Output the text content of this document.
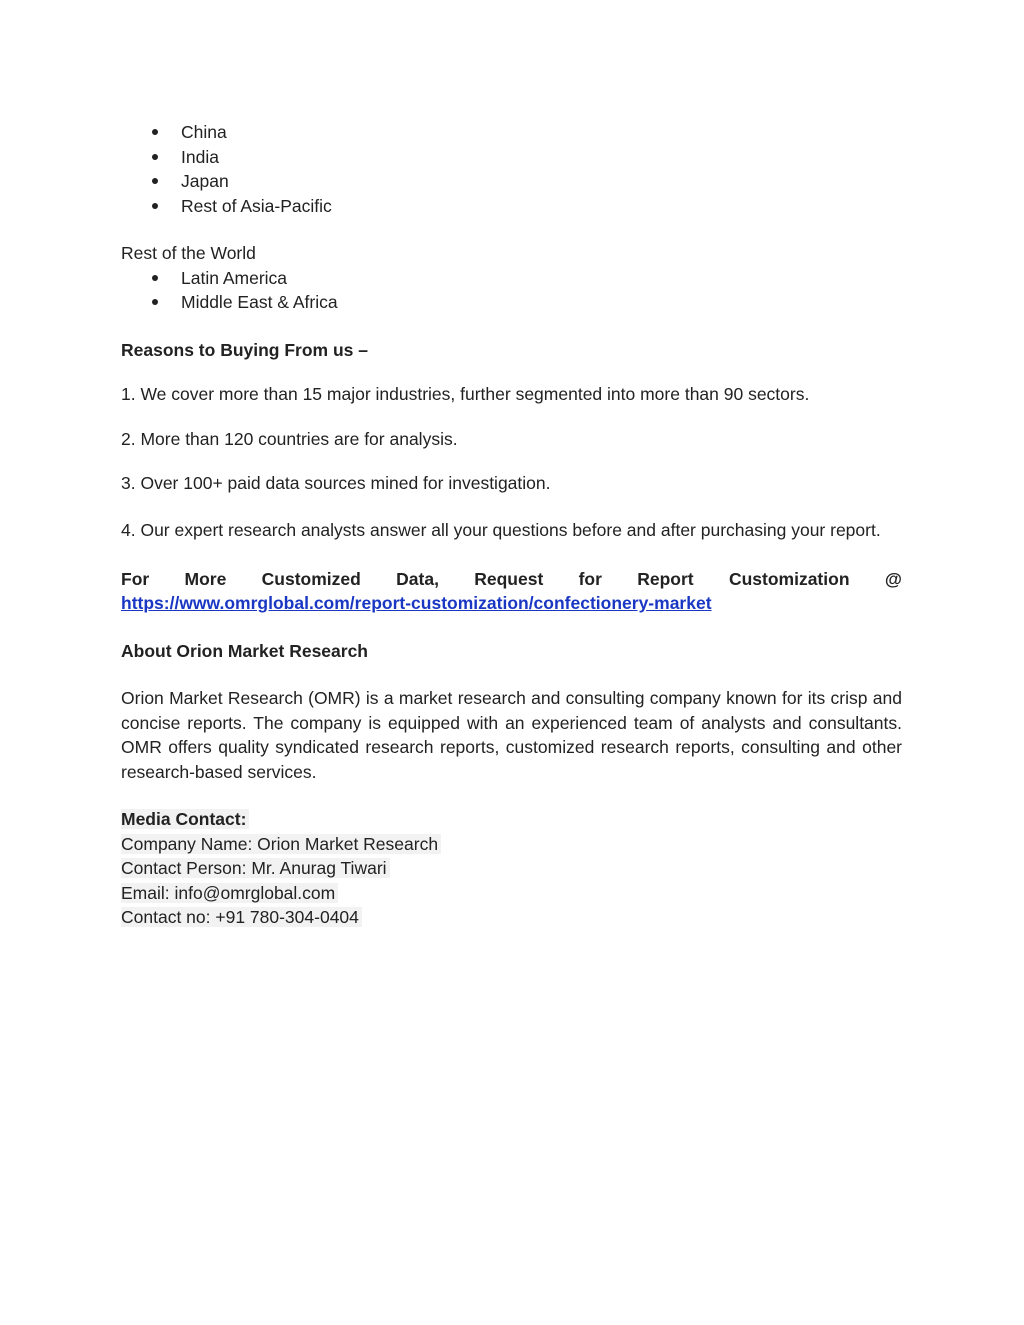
China
India
Japan
Rest of Asia-Pacific

Rest of the World

Latin America
Middle East & Africa

Reasons to Buying From us –

1. We cover more than 15 major industries, further segmented into more than 90 sectors.

2. More than 120 countries are for analysis.

3. Over 100+ paid data sources mined for investigation.

4. Our expert research analysts answer all your questions before and after purchasing your report.

For More Customized Data, Request for Report Customization @
https://www.omrglobal.com/report-customization/confectionery-market

About Orion Market Research

Orion Market Research (OMR) is a market research and consulting company known for its crisp and concise reports. The company is equipped with an experienced team of analysts and consultants. OMR offers quality syndicated research reports, customized research reports, consulting and other research-based services.

Media Contact:
Company Name: Orion Market Research
Contact Person: Mr. Anurag Tiwari
Email: info@omrglobal.com
Contact no: +91 780-304-0404
